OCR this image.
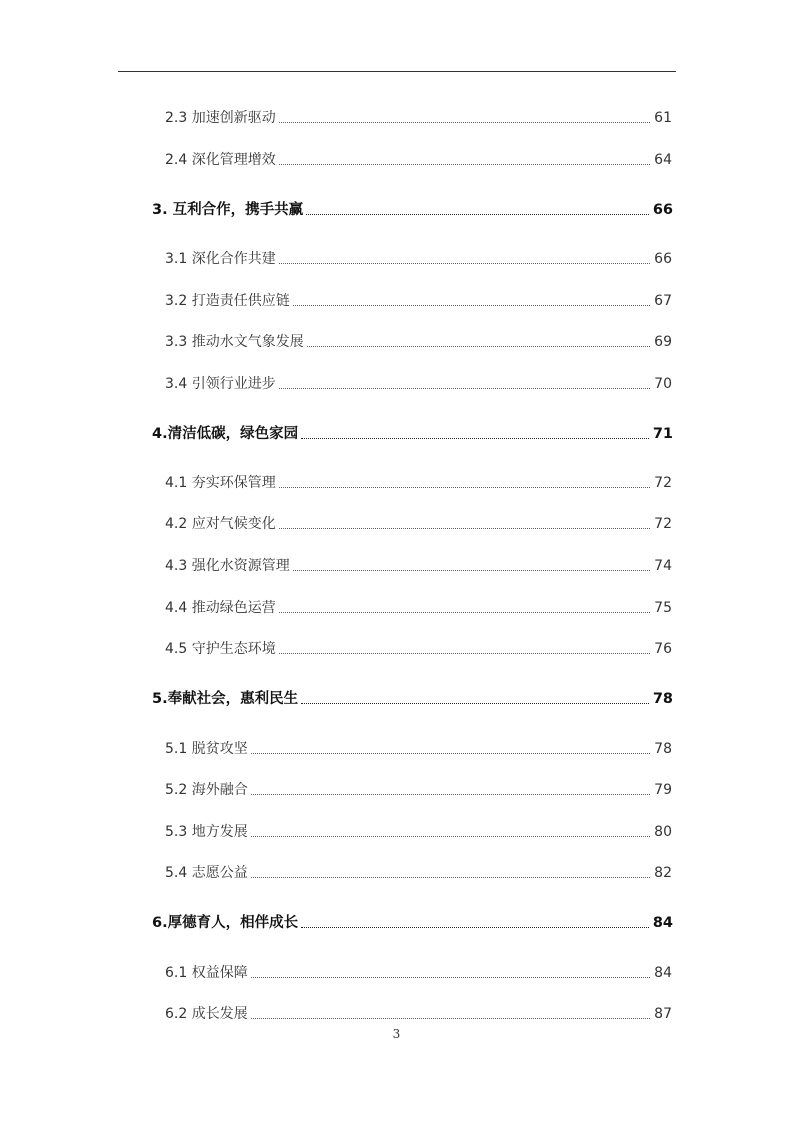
2.3 加速创新驱动	61
2.4 深化管理增效	64
3. 互利合作，携手共赢	66
3.1 深化合作共建	66
3.2 打造责任供应链	67
3.3 推动水文气象发展	69
3.4 引领行业进步	70
4.清洁低碳，绿色家园	71
4.1 夯实环保管理	72
4.2 应对气候变化	72
4.3 强化水资源管理	74
4.4 推动绿色运营	75
4.5 守护生态环境	76
5.奉献社会，惠利民生	78
5.1 脱贫攻坚	78
5.2 海外融合	79
5.3 地方发展	80
5.4 志愿公益	82
6.厚德育人，相伴成长	84
6.1 权益保障	84
6.2 成长发展	87
3
